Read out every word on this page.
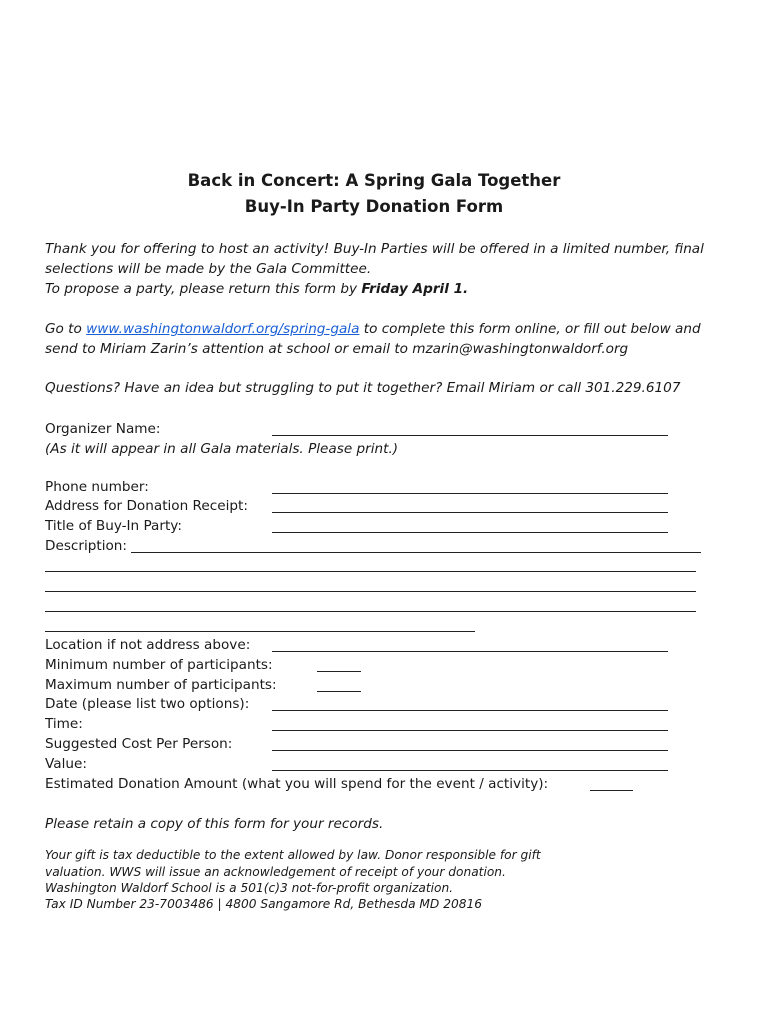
Back in Concert: A Spring Gala Together
Buy-In Party Donation Form
Thank you for offering to host an activity! Buy-In Parties will be offered in a limited number, final
selections will be made by the Gala Committee.
To propose a party, please return this form by Friday April 1.
Go to www.washingtonwaldorf.org/spring-gala to complete this form online, or fill out below and
send to Miriam Zarin’s attention at school or email to mzarin@washingtonwaldorf.org
Questions? Have an idea but struggling to put it together? Email Miriam or call 301.229.6107
Organizer Name:
(As it will appear in all Gala materials. Please print.)
Phone number:
Address for Donation Receipt:
Title of Buy-In Party:
Description:
Location if not address above:
Minimum number of participants:
Maximum number of participants:
Date (please list two options):
Time:
Suggested Cost Per Person:
Value:
Estimated Donation Amount (what you will spend for the event / activity):
Please retain a copy of this form for your records.
Your gift is tax deductible to the extent allowed by law. Donor responsible for gift
valuation. WWS will issue an acknowledgement of receipt of your donation.
Washington Waldorf School is a 501(c)3 not-for-profit organization.
Tax ID Number 23-7003486 | 4800 Sangamore Rd, Bethesda MD 20816
